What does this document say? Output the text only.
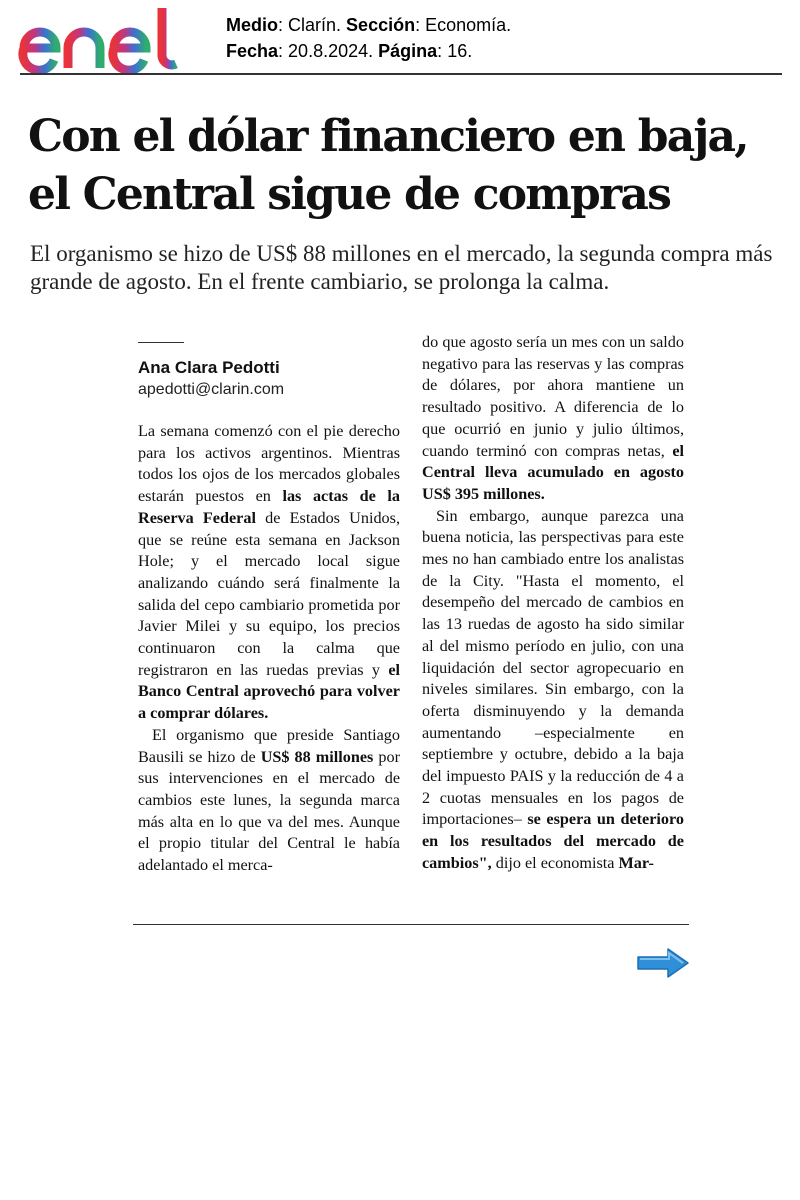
Medio: Clarín. Sección: Economía.
Fecha: 20.8.2024. Página: 16.
Con el dólar financiero en baja, el Central sigue de compras

El organismo se hizo de US$ 88 millones en el mercado, la segunda compra más grande de agosto. En el frente cambiario, se prolonga la calma.

Ana Clara Pedotti
apedotti@clarin.com

La semana comenzó con el pie derecho para los activos argentinos. Mientras todos los ojos de los mercados globales estarán puestos en las actas de la Reserva Federal de Estados Unidos, que se reúne esta semana en Jackson Hole; y el mercado local sigue analizando cuándo será finalmente la salida del cepo cambiario prometida por Javier Milei y su equipo, los precios continuaron con la calma que registraron en las ruedas previas y el Banco Central aprovechó para volver a comprar dólares.

El organismo que preside Santiago Bausili se hizo de US$ 88 millones por sus intervenciones en el mercado de cambios este lunes, la segunda marca más alta en lo que va del mes. Aunque el propio titular del Central le había adelantado el merca-

do que agosto sería un mes con un saldo negativo para las reservas y las compras de dólares, por ahora mantiene un resultado positivo. A diferencia de lo que ocurrió en junio y julio últimos, cuando terminó con compras netas, el Central lleva acumulado en agosto US$ 395 millones.

Sin embargo, aunque parezca una buena noticia, las perspectivas para este mes no han cambiado entre los analistas de la City. "Hasta el momento, el desempeño del mercado de cambios en las 13 ruedas de agosto ha sido similar al del mismo período en julio, con una liquidación del sector agropecuario en niveles similares. Sin embargo, con la oferta disminuyendo y la demanda aumentando –especialmente en septiembre y octubre, debido a la baja del impuesto PAIS y la reducción de 4 a 2 cuotas mensuales en los pagos de importaciones– se espera un deterioro en los resultados del mercado de cambios", dijo el economista Mar-
